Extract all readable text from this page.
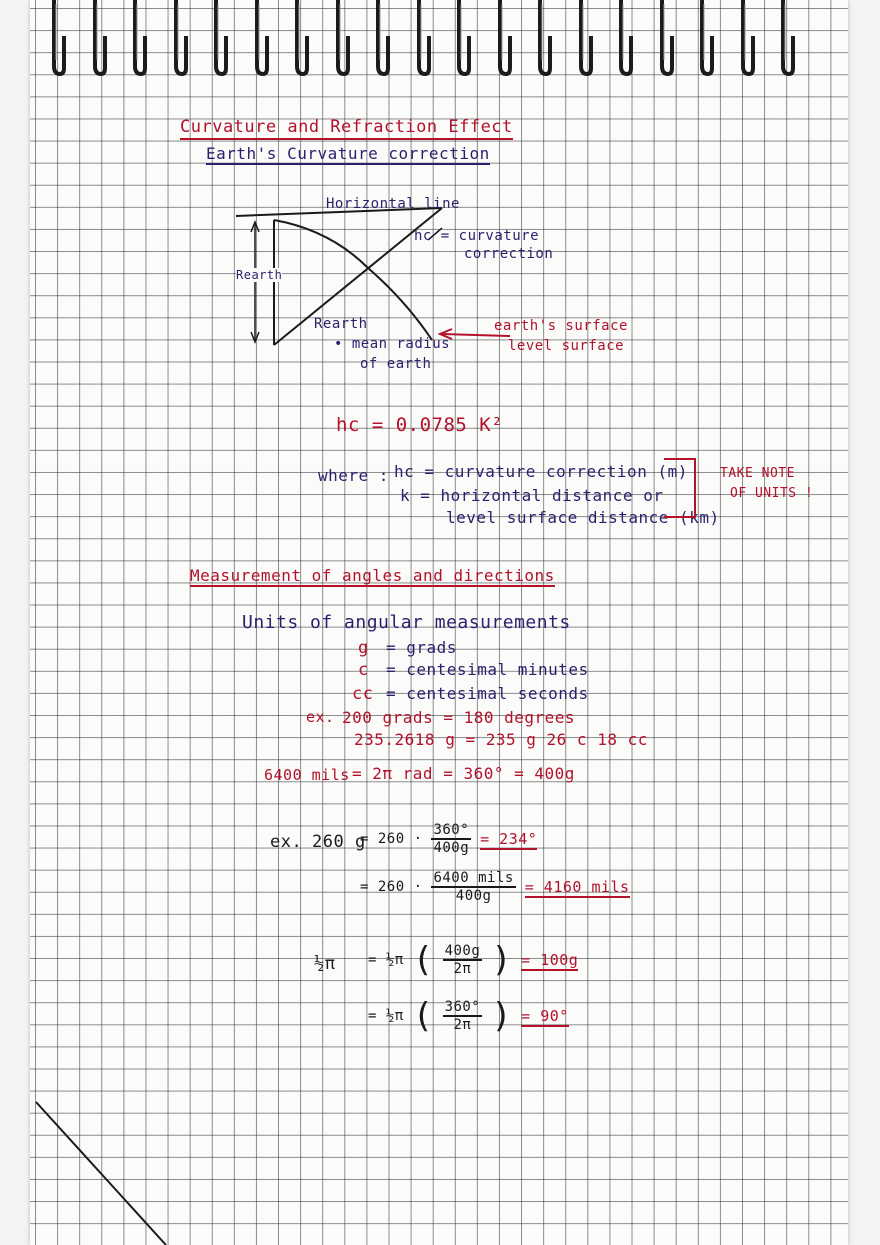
Curvature and Refraction Effect
Earth's Curvature correction
Horizontal line
hc = curvature
correction
Rearth
Rearth
• mean radius
of earth
earth's surface
level surface
hc = 0.0785 K²
where : hc = curvature correction (m)
k = horizontal distance or
level surface distance (km)
TAKE NOTE
OF UNITS !
Measurement of angles and directions
Units of angular measurements
g = grads
c = centesimal minutes
cc = centesimal seconds
ex. 200 grads = 180 degrees
235.2618 g = 235 g 26 c 18 cc
6400 mils = 2π rad = 360° = 400g
ex. 260 g
= $260 \cdot \frac{360^\circ}{400g} = 234^\circ$
= $260 \cdot \frac{\text{6400 mils}}{400g} = 4160$ mils
½π = ½π ( $\frac{400g}{2\pi}$ ) = 100g
= ½π ( $\frac{360^\circ}{2\pi}$ ) = 90°
